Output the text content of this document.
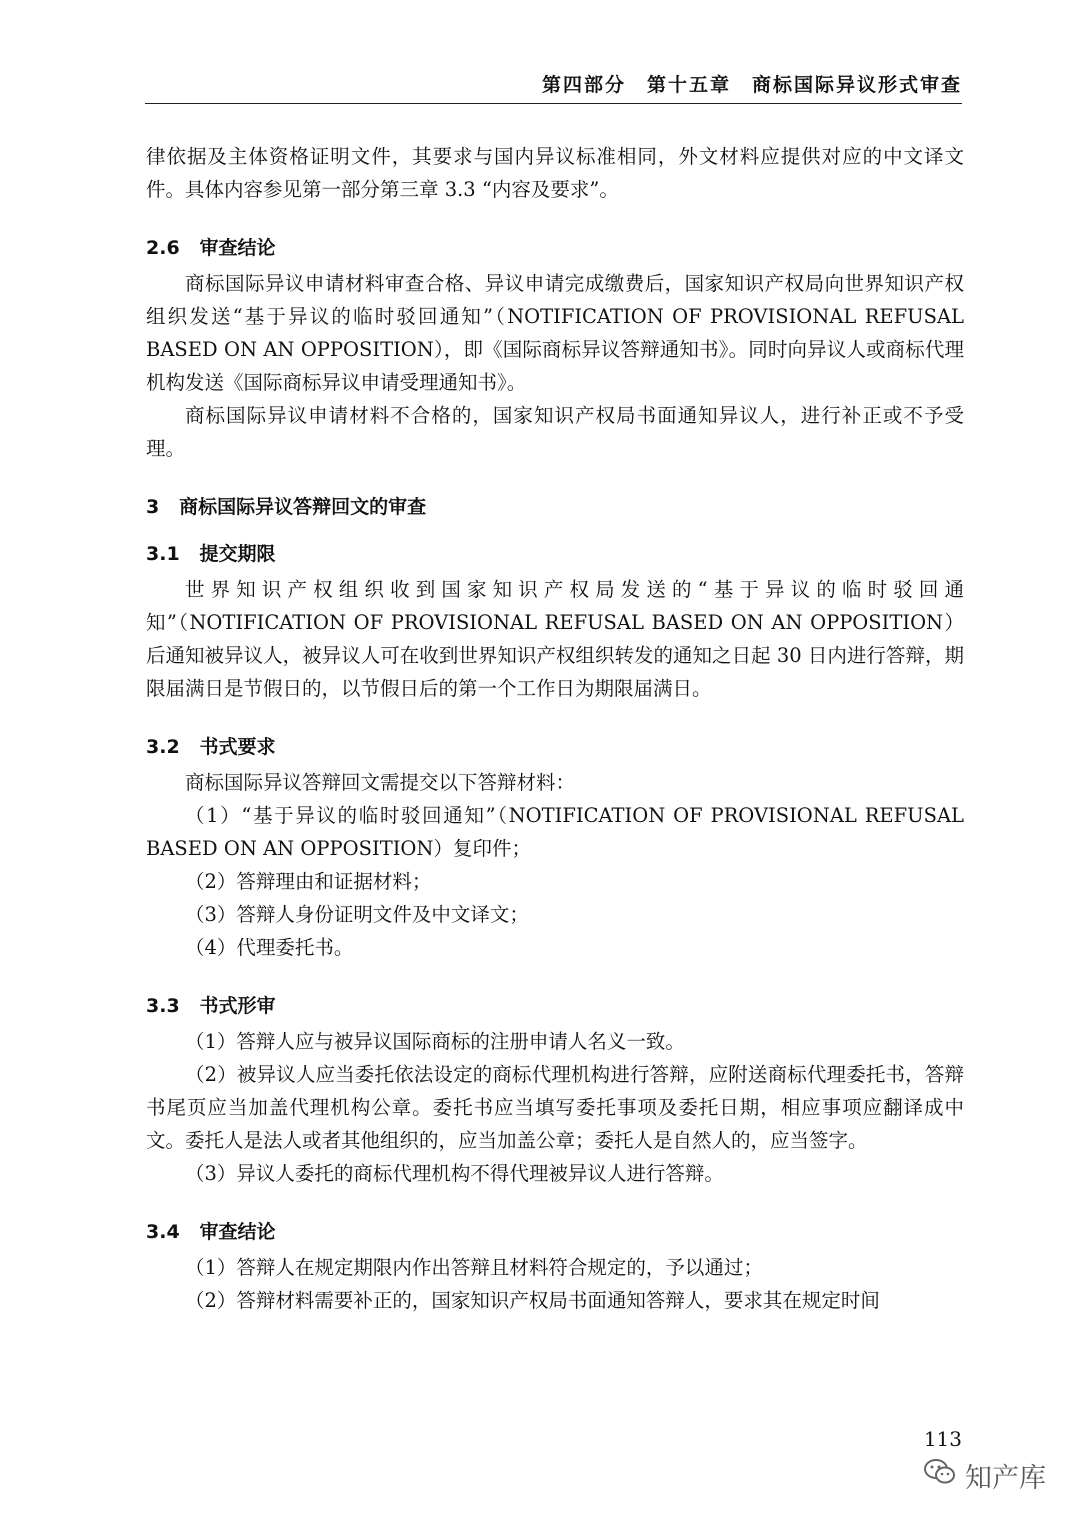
第四部分　第十五章　商标国际异议形式审查

律依据及主体资格证明文件，其要求与国内异议标准相同，外文材料应提供对应的中文译文件。具体内容参见第一部分第三章 3.3 “内容及要求”。

2.6 审查结论

商标国际异议申请材料审查合格、异议申请完成缴费后，国家知识产权局向世界知识产权组织发送“基于异议的临时驳回通知”（NOTIFICATION OF PROVISIONAL REFUSAL BASED ON AN OPPOSITION），即《国际商标异议答辩通知书》。同时向异议人或商标代理机构发送《国际商标异议申请受理通知书》。

商标国际异议申请材料不合格的，国家知识产权局书面通知异议人，进行补正或不予受理。

3 商标国际异议答辩回文的审查
3.1 提交期限

世界知识产权组织收到国家知识产权局发送的“基于异议的临时驳回通知”（NOTIFICATION OF PROVISIONAL REFUSAL BASED ON AN OPPOSITION）后通知被异议人，被异议人可在收到世界知识产权组织转发的通知之日起 30 日内进行答辩，期限届满日是节假日的，以节假日后的第一个工作日为期限届满日。

3.2 书式要求

商标国际异议答辩回文需提交以下答辩材料：

（1）“基于异议的临时驳回通知”（NOTIFICATION OF PROVISIONAL REFUSAL BASED ON AN OPPOSITION）复印件；

（2）答辩理由和证据材料；

（3）答辩人身份证明文件及中文译文；

（4）代理委托书。

3.3 书式形审

（1）答辩人应与被异议国际商标的注册申请人名义一致。

（2）被异议人应当委托依法设定的商标代理机构进行答辩，应附送商标代理委托书，答辩书尾页应当加盖代理机构公章。委托书应当填写委托事项及委托日期，相应事项应翻译成中文。委托人是法人或者其他组织的，应当加盖公章；委托人是自然人的，应当签字。

（3）异议人委托的商标代理机构不得代理被异议人进行答辩。

3.4 审查结论

（1）答辩人在规定期限内作出答辩且材料符合规定的，予以通过；

（2）答辩材料需要补正的，国家知识产权局书面通知答辩人，要求其在规定时间

113
知产库
